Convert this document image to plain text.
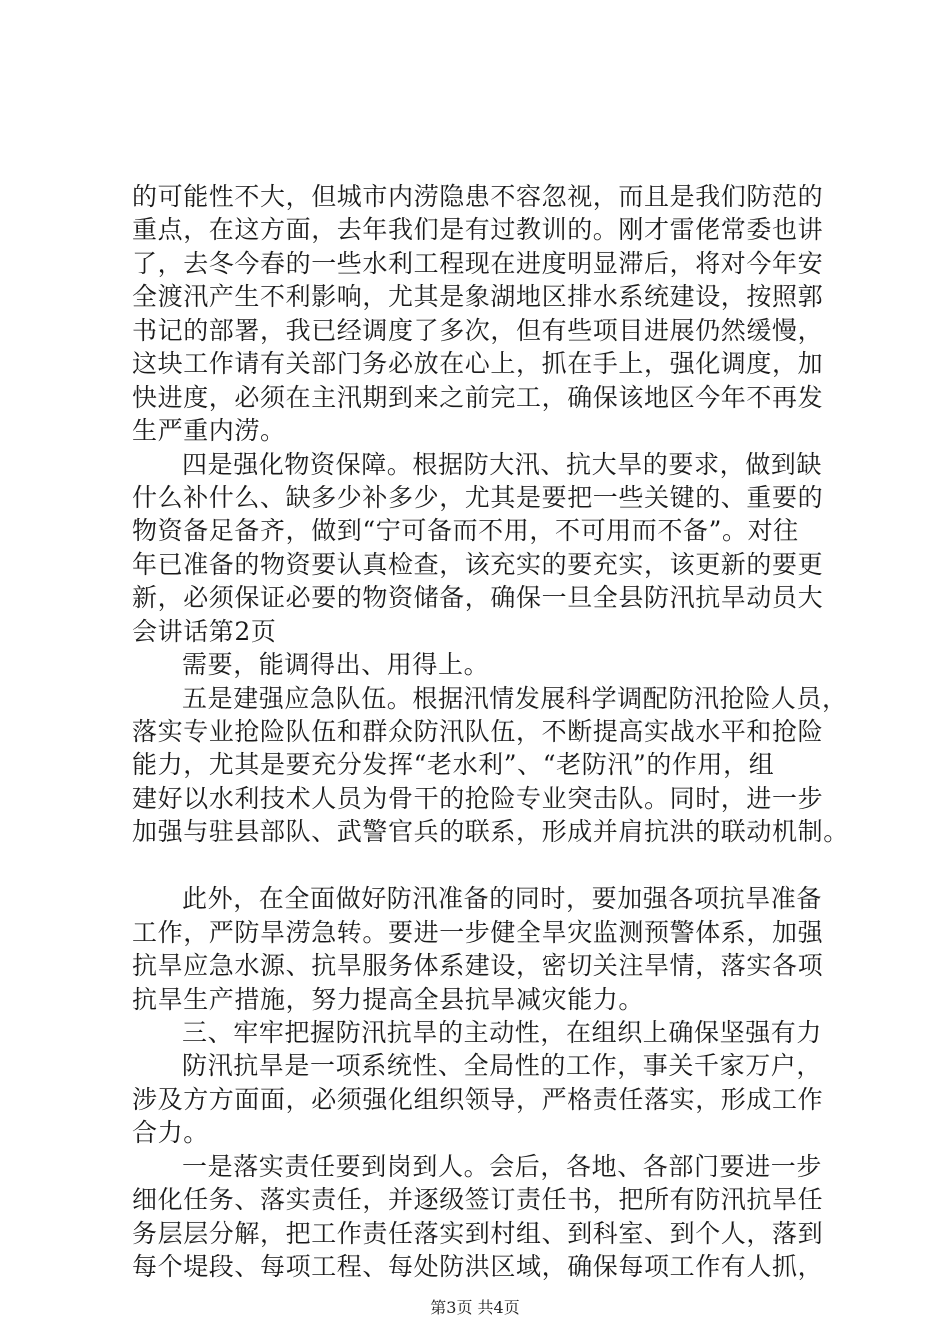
的可能性不大，但城市内涝隐患不容忽视，而且是我们防范的
重点，在这方面，去年我们是有过教训的。刚才雷佬常委也讲
了，去冬今春的一些水利工程现在进度明显滞后，将对今年安
全渡汛产生不利影响，尤其是象湖地区排水系统建设，按照郭
书记的部署，我已经调度了多次，但有些项目进展仍然缓慢，
这块工作请有关部门务必放在心上，抓在手上，强化调度，加
快进度，必须在主汛期到来之前完工，确保该地区今年不再发
生严重内涝。
四是强化物资保障。根据防大汛、抗大旱的要求，做到缺
什么补什么、缺多少补多少，尤其是要把一些关键的、重要的
物资备足备齐，做到“宁可备而不用，不可用而不备”。对往
年已准备的物资要认真检查，该充实的要充实，该更新的要更
新，必须保证必要的物资储备，确保一旦全县防汛抗旱动员大
会讲话第2页
需要，能调得出、用得上。
五是建强应急队伍。根据汛情发展科学调配防汛抢险人员，
落实专业抢险队伍和群众防汛队伍，不断提高实战水平和抢险
能力，尤其是要充分发挥“老水利”、“老防汛”的作用，组
建好以水利技术人员为骨干的抢险专业突击队。同时，进一步
加强与驻县部队、武警官兵的联系，形成并肩抗洪的联动机制。
此外，在全面做好防汛准备的同时，要加强各项抗旱准备
工作，严防旱涝急转。要进一步健全旱灾监测预警体系，加强
抗旱应急水源、抗旱服务体系建设，密切关注旱情，落实各项
抗旱生产措施，努力提高全县抗旱减灾能力。
三、牢牢把握防汛抗旱的主动性，在组织上确保坚强有力
防汛抗旱是一项系统性、全局性的工作，事关千家万户，
涉及方方面面，必须强化组织领导，严格责任落实，形成工作
合力。
一是落实责任要到岗到人。会后，各地、各部门要进一步
细化任务、落实责任，并逐级签订责任书，把所有防汛抗旱任
务层层分解，把工作责任落实到村组、到科室、到个人，落到
每个堤段、每项工程、每处防洪区域，确保每项工作有人抓，
第3页 共4页
